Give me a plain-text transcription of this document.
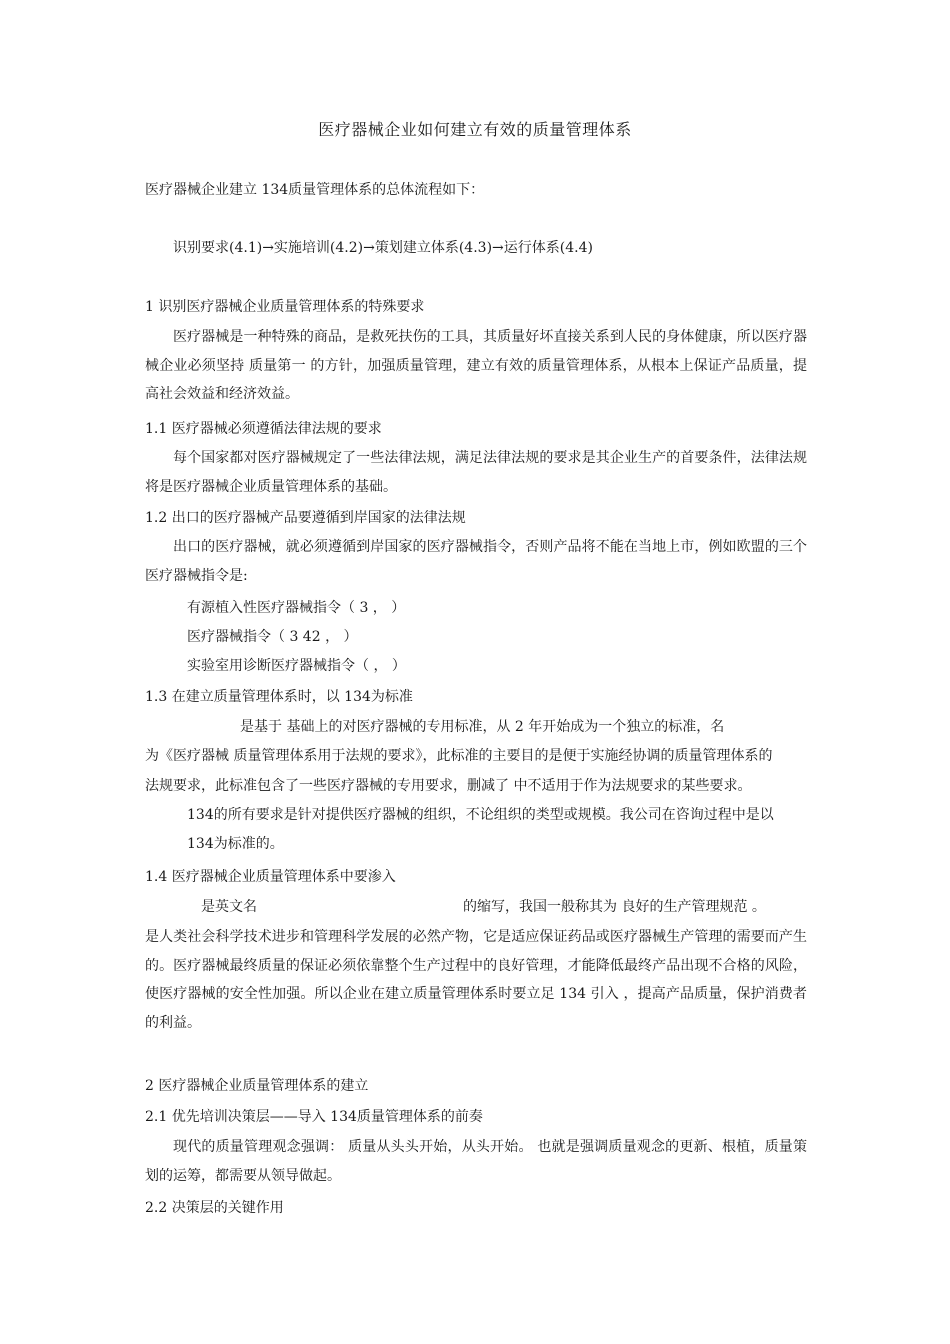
医疗器械企业如何建立有效的质量管理体系
医疗器械企业建立 134质量管理体系的总体流程如下：
识别要求(4.1)→实施培训(4.2)→策划建立体系(4.3)→运行体系(4.4)
1 识别医疗器械企业质量管理体系的特殊要求
医疗器械是一种特殊的商品，是救死扶伤的工具，其质量好坏直接关系到人民的身体健康，所以医疗器械企业必须坚持 质量第一 的方针，加强质量管理，建立有效的质量管理体系，从根本上保证产品质量，提高社会效益和经济效益。
1.1 医疗器械必须遵循法律法规的要求
每个国家都对医疗器械规定了一些法律法规，满足法律法规的要求是其企业生产的首要条件，法律法规将是医疗器械企业质量管理体系的基础。
1.2 出口的医疗器械产品要遵循到岸国家的法律法规
出口的医疗器械，就必须遵循到岸国家的医疗器械指令，否则产品将不能在当地上市，例如欧盟的三个医疗器械指令是:
有源植入性医疗器械指令（ 3 ， ）
医疗器械指令（ 3 42 ， ）
实验室用诊断医疗器械指令（ ， ）
1.3 在建立质量管理体系时，以 134为标准
是基于 基础上的对医疗器械的专用标准，从 2 年开始成为一个独立的标准，名
为《医疗器械 质量管理体系用于法规的要求》，此标准的主要目的是便于实施经协调的质量管理体系的
法规要求，此标准包含了一些医疗器械的专用要求，删减了 中不适用于作为法规要求的某些要求。
134的所有要求是针对提供医疗器械的组织，不论组织的类型或规模。我公司在咨询过程中是以
134为标准的。
1.4 医疗器械企业质量管理体系中要渗入
是英文名	的缩写，我国一般称其为 良好的生产管理规范 。
是人类社会科学技术进步和管理科学发展的必然产物，它是适应保证药品或医疗器械生产管理的需要而产生的。医疗器械最终质量的保证必须依靠整个生产过程中的良好管理，才能降低最终产品出现不合格的风险，使医疗器械的安全性加强。所以企业在建立质量管理体系时要立足 134 引入 ，提高产品质量，保护消费者的利益。
2 医疗器械企业质量管理体系的建立
2.1 优先培训决策层——导入 134质量管理体系的前奏
现代的质量管理观念强调： 质量从头头开始，从头开始。 也就是强调质量观念的更新、根植，质量策划的运筹，都需要从领导做起。
2.2 决策层的关键作用
